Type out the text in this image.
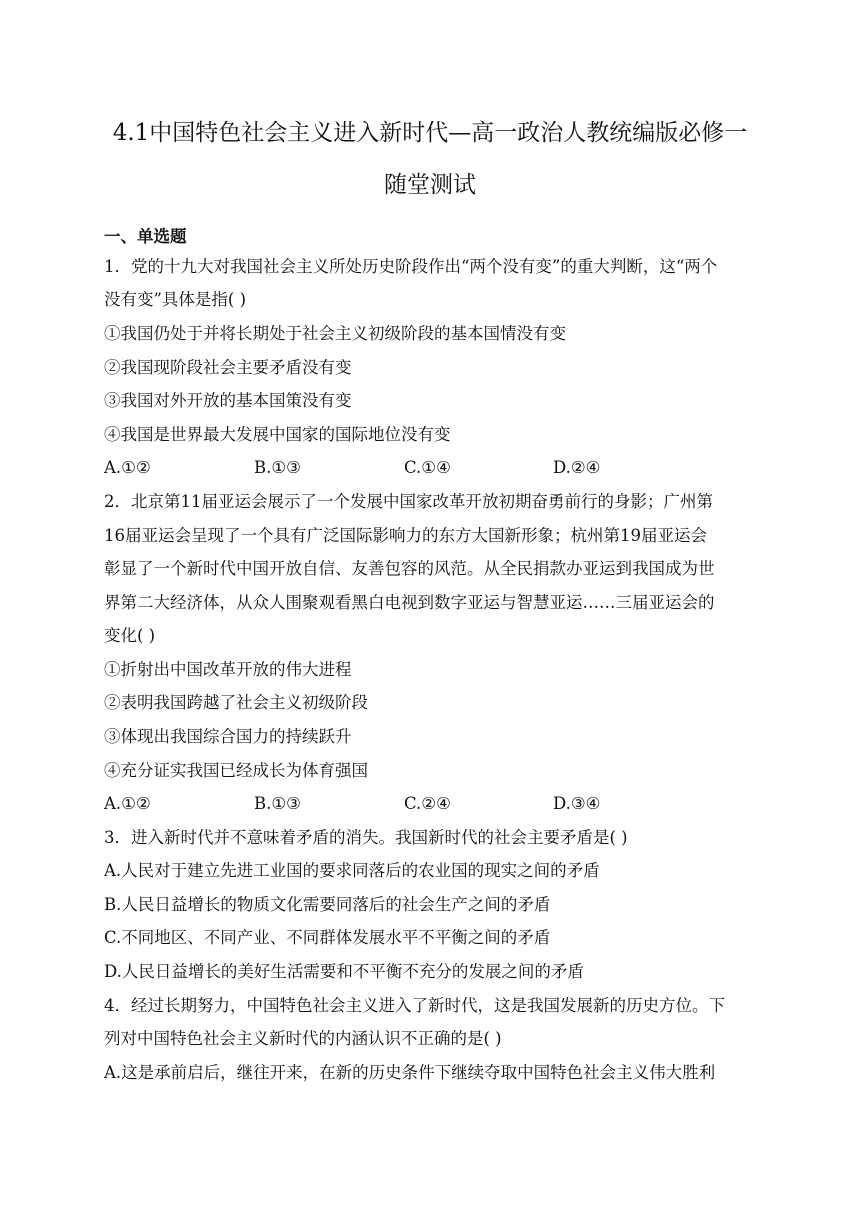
4.1中国特色社会主义进入新时代—高一政治人教统编版必修一
随堂测试
一、单选题
1．党的十九大对我国社会主义所处历史阶段作出“两个没有变”的重大判断，这“两个
没有变”具体是指( )
①我国仍处于并将长期处于社会主义初级阶段的基本国情没有变
②我国现阶段社会主要矛盾没有变
③我国对外开放的基本国策没有变
④我国是世界最大发展中国家的国际地位没有变
A.①②	B.①③	C.①④	D.②④
2．北京第11届亚运会展示了一个发展中国家改革开放初期奋勇前行的身影；广州第
16届亚运会呈现了一个具有广泛国际影响力的东方大国新形象；杭州第19届亚运会
彰显了一个新时代中国开放自信、友善包容的风范。从全民捐款办亚运到我国成为世
界第二大经济体，从众人围聚观看黑白电视到数字亚运与智慧亚运……三届亚运会的
变化( )
①折射出中国改革开放的伟大进程
②表明我国跨越了社会主义初级阶段
③体现出我国综合国力的持续跃升
④充分证实我国已经成长为体育强国
A.①②	B.①③	C.②④	D.③④
3．进入新时代并不意味着矛盾的消失。我国新时代的社会主要矛盾是( )
A.人民对于建立先进工业国的要求同落后的农业国的现实之间的矛盾
B.人民日益增长的物质文化需要同落后的社会生产之间的矛盾
C.不同地区、不同产业、不同群体发展水平不平衡之间的矛盾
D.人民日益增长的美好生活需要和不平衡不充分的发展之间的矛盾
4．经过长期努力，中国特色社会主义进入了新时代，这是我国发展新的历史方位。下
列对中国特色社会主义新时代的内涵认识不正确的是( )
A.这是承前启后，继往开来，在新的历史条件下继续夺取中国特色社会主义伟大胜利
